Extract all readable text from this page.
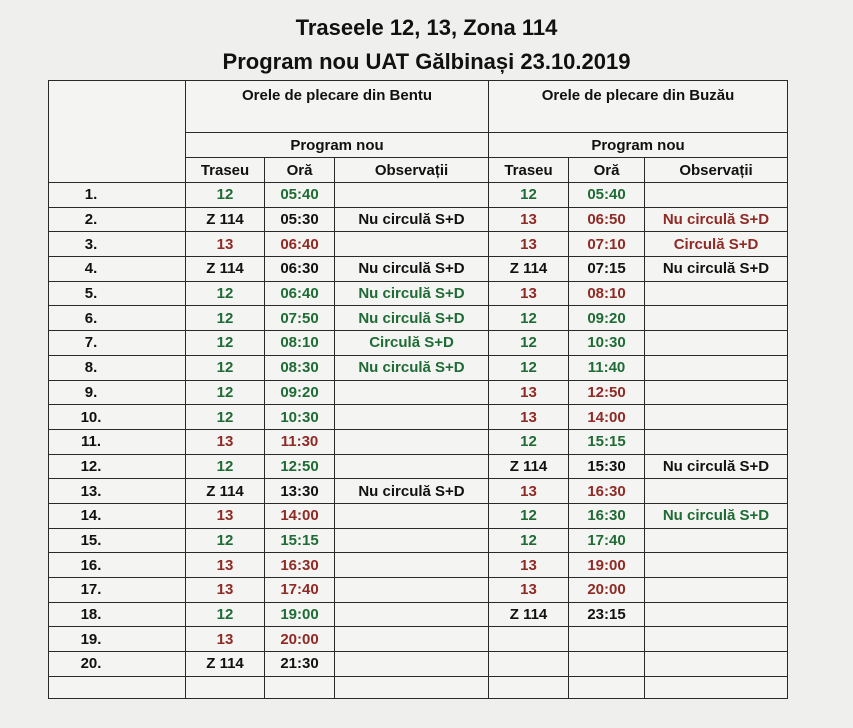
Traseele 12, 13, Zona 114
Program nou UAT Gălbinași 23.10.2019
	Orele de plecare din Bentu			Orele de plecare din Buzău		
	Program nou			Program nou		
	Traseu	Oră	Observații	Traseu	Oră	Observații
1.	12	05:40		12	05:40	
2.	Z 114	05:30	Nu circulă S+D	13	06:50	Nu circulă S+D
3.	13	06:40		13	07:10	Circulă S+D
4.	Z 114	06:30	Nu circulă S+D	Z 114	07:15	Nu circulă S+D
5.	12	06:40	Nu circulă S+D	13	08:10	
6.	12	07:50	Nu circulă S+D	12	09:20	
7.	12	08:10	Circulă S+D	12	10:30	
8.	12	08:30	Nu circulă S+D	12	11:40	
9.	12	09:20		13	12:50	
10.	12	10:30		13	14:00	
11.	13	11:30		12	15:15	
12.	12	12:50		Z 114	15:30	Nu circulă S+D
13.	Z 114	13:30	Nu circulă S+D	13	16:30	
14.	13	14:00		12	16:30	Nu circulă S+D
15.	12	15:15		12	17:40	
16.	13	16:30		13	19:00	
17.	13	17:40		13	20:00	
18.	12	19:00		Z 114	23:15	
19.	13	20:00				
20.	Z 114	21:30				
